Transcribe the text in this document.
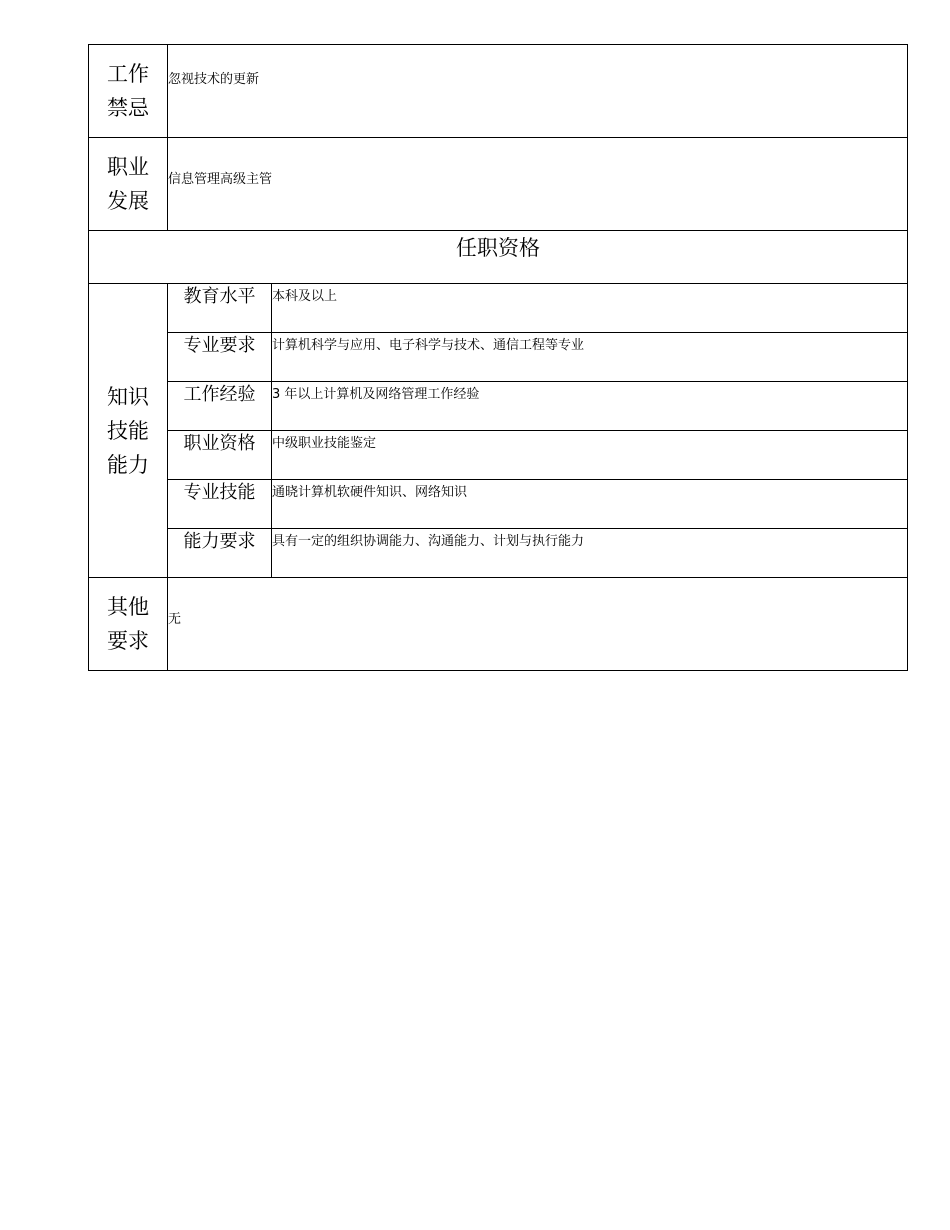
工作
禁忌	忽视技术的更新	

职业
发展	信息管理高级主管	
任职资格		

知识
技能
能力	教育水平	本科及以上
	专业要求	计算机科学与应用、电子科学与技术、通信工程等专业
	工作经验	3 年以上计算机及网络管理工作经验
	职业资格	中级职业技能鉴定
	专业技能	通晓计算机软硬件知识、网络知识
	能力要求	具有一定的组织协调能力、沟通能力、计划与执行能力

其他
要求	无	
